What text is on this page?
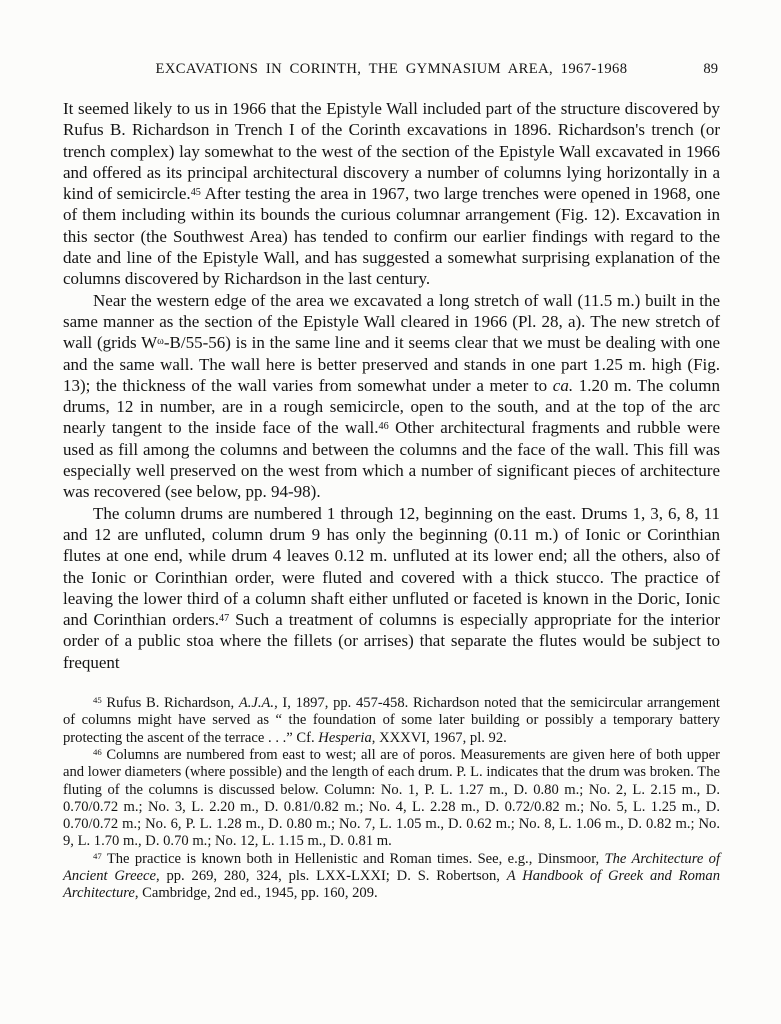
EXCAVATIONS IN CORINTH, THE GYMNASIUM AREA, 1967-1968	89

It seemed likely to us in 1966 that the Epistyle Wall included part of the structure discovered by Rufus B. Richardson in Trench I of the Corinth excavations in 1896. Richardson's trench (or trench complex) lay somewhat to the west of the section of the Epistyle Wall excavated in 1966 and offered as its principal architectural discovery a number of columns lying horizontally in a kind of semicircle.$^{45}$ After testing the area in 1967, two large trenches were opened in 1968, one of them including within its bounds the curious columnar arrangement (Fig. 12). Excavation in this sector (the Southwest Area) has tended to confirm our earlier findings with regard to the date and line of the Epistyle Wall, and has suggested a somewhat surprising explanation of the columns discovered by Richardson in the last century.

Near the western edge of the area we excavated a long stretch of wall (11.5 m.) built in the same manner as the section of the Epistyle Wall cleared in 1966 (Pl. 28, a). The new stretch of wall (grids $W^\omega-B/55-56$) is in the same line and it seems clear that we must be dealing with one and the same wall. The wall here is better preserved and stands in one part 1.25 m. high (Fig. 13); the thickness of the wall varies from somewhat under a meter to ca. 1.20 m. The column drums, 12 in number, are in a rough semicircle, open to the south, and at the top of the arc nearly tangent to the inside face of the wall.$^{46}$ Other architectural fragments and rubble were used as fill among the columns and between the columns and the face of the wall. This fill was especially well preserved on the west from which a number of significant pieces of architecture was recovered (see below, pp. 94-98).

The column drums are numbered 1 through 12, beginning on the east. Drums 1, 3, 6, 8, 11 and 12 are unfluted, column drum 9 has only the beginning (0.11 m.) of Ionic or Corinthian flutes at one end, while drum 4 leaves 0.12 m. unfluted at its lower end; all the others, also of the Ionic or Corinthian order, were fluted and covered with a thick stucco. The practice of leaving the lower third of a column shaft either unfluted or faceted is known in the Doric, Ionic and Corinthian orders.$^{47}$ Such a treatment of columns is especially appropriate for the interior order of a public stoa where the fillets (or arrises) that separate the flutes would be subject to frequent

$^{45}$ Rufus B. Richardson, A.J.A., I, 1897, pp. 457-458. Richardson noted that the semicircular arrangement of columns might have served as “ the foundation of some later building or possibly a temporary battery protecting the ascent of the terrace . . .” Cf. Hesperia, XXXVI, 1967, pl. 92.

$^{46}$ Columns are numbered from east to west; all are of poros. Measurements are given here of both upper and lower diameters (where possible) and the length of each drum. P. L. indicates that the drum was broken. The fluting of the columns is discussed below. Column: No. 1, P. L. 1.27 m., D. 0.80 m.; No. 2, L. 2.15 m., D. 0.70/0.72 m.; No. 3, L. 2.20 m., D. 0.81/0.82 m.; No. 4, L. 2.28 m., D. 0.72/0.82 m.; No. 5, L. 1.25 m., D. 0.70/0.72 m.; No. 6, P. L. 1.28 m., D. 0.80 m.; No. 7, L. 1.05 m., D. 0.62 m.; No. 8, L. 1.06 m., D. 0.82 m.; No. 9, L. 1.70 m., D. 0.70 m.; No. 12, L. 1.15 m., D. 0.81 m.

$^{47}$ The practice is known both in Hellenistic and Roman times. See, e.g., Dinsmoor, The Architecture of Ancient Greece, pp. 269, 280, 324, pls. LXX-LXXI; D. S. Robertson, A Handbook of Greek and Roman Architecture, Cambridge, 2nd ed., 1945, pp. 160, 209.
